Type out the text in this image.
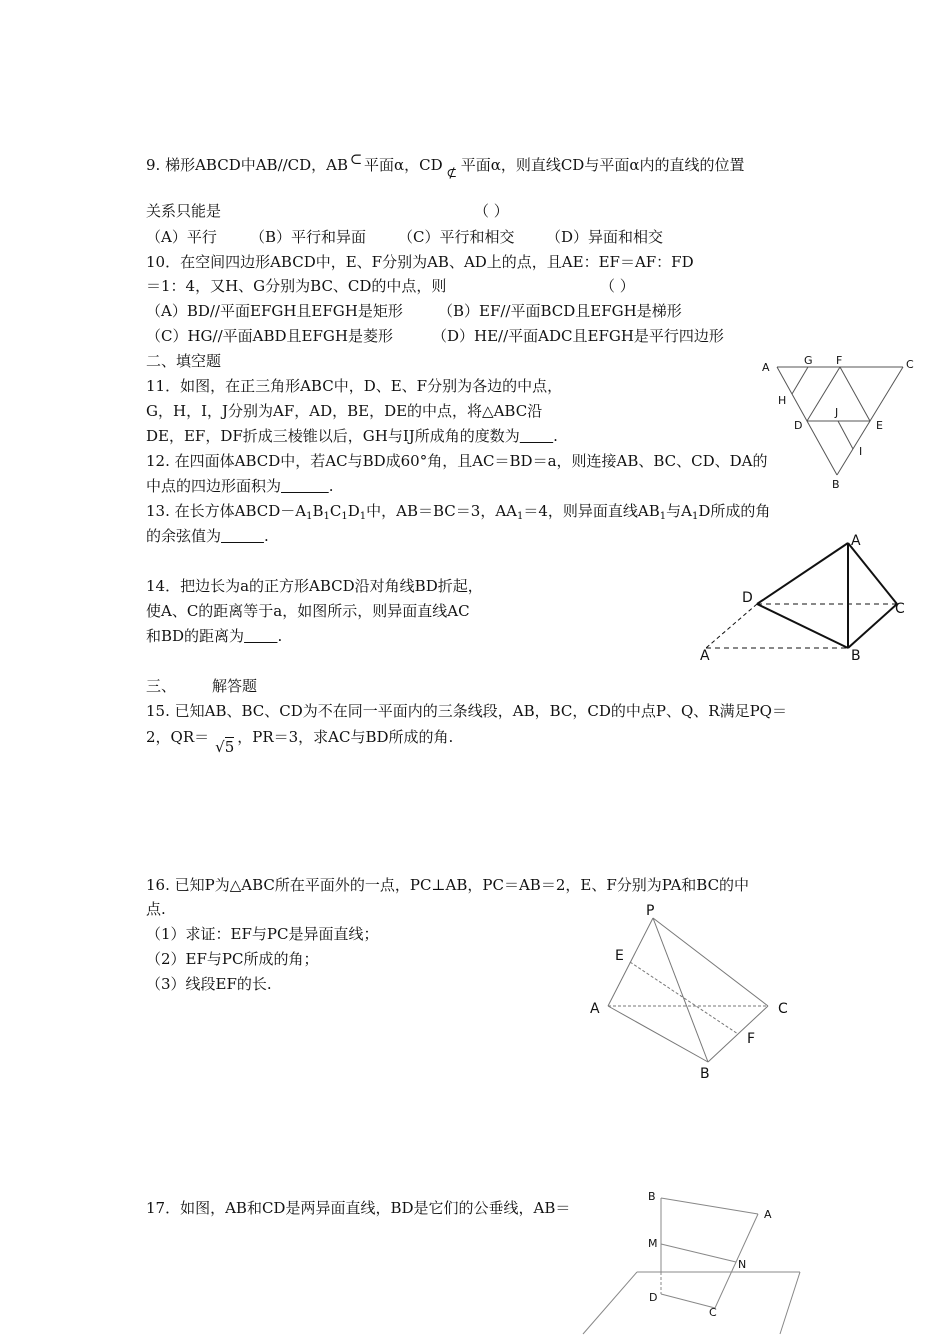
9. 梯形ABCD中AB//CD，AB ⊂ 平面α，CD ⊄ 平面α，则直线CD与平面α内的直线的位置
关系只能是	（ ）
（A）平行 （B）平行和异面 （C）平行和相交 （D）异面和相交
10．在空间四边形ABCD中，E、F分别为AB、AD上的点，且AE：EF＝AF：FD
＝1：4，又H、G分别为BC、CD的中点，则	（ ）
（A）BD//平面EFGH且EFGH是矩形 （B）EF//平面BCD且EFGH是梯形
（C）HG//平面ABD且EFGH是菱形	（D）HE//平面ADC且EFGH是平行四边形
二、填空题
11．如图，在正三角形ABC中，D、E、F分别为各边的中点，
G，H，I，J分别为AF，AD，BE，DE的中点，将△ABC沿
DE，EF，DF折成三棱锥以后，GH与IJ所成角的度数为 .
A
G F	C
H
J
D	E
I
B
12. 在四面体ABCD中，若AC与BD成60°角，且AC＝BD＝a，则连接AB、BC、CD、DA的
中点的四边形面积为	.
13. 在长方体$ABCD-A_1B_1C_1D_1$中，AB＝BC＝3，$AA_1=4$，则异面直线$AB_1$与$A_1D$所成的角
的余弦值为	.
14．把边长为a的正方形ABCD沿对角线BD折起，
使A、C的距离等于a，如图所示，则异面直线AC
和BD的距离为 .
A
D
C
A	B
三、 解答题
15. 已知AB、BC、CD为不在同一平面内的三条线段，AB，BC，CD的中点P、Q、R满足PQ＝
2，QR＝√5，PR＝3，求AC与BD所成的角.
16. 已知P为△ABC所在平面外的一点，PC⊥AB，PC＝AB＝2，E、F分别为PA和BC的中
点.
（1）求证：EF与PC是异面直线；
（2）EF与PC所成的角；
（3）线段EF的长.
P
E
A	C
F
B
17．如图，AB和CD是两异面直线，BD是它们的公垂线，AB＝
B
A
M
N
D
C
